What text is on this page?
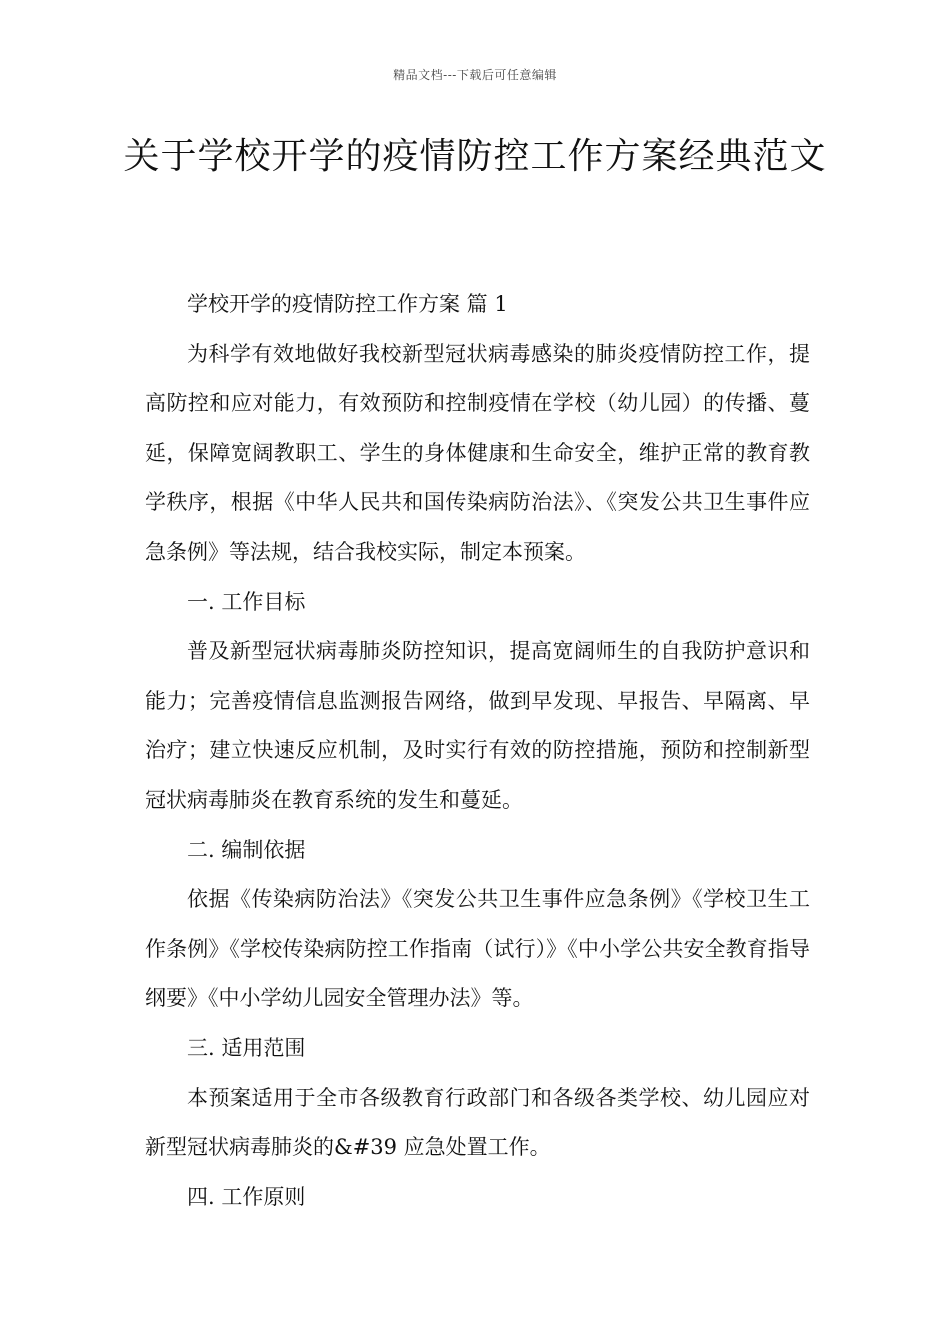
精品文档---下载后可任意编辑
关于学校开学的疫情防控工作方案经典范文

学校开学的疫情防控工作方案 篇 1

为科学有效地做好我校新型冠状病毒感染的肺炎疫情防控工作，提高防控和应对能力，有效预防和控制疫情在学校（幼儿园）的传播、蔓延，保障宽阔教职工、学生的身体健康和生命安全，维护正常的教育教学秩序，根据《中华人民共和国传染病防治法》、《突发公共卫生事件应急条例》等法规，结合我校实际，制定本预案。

一. 工作目标

普及新型冠状病毒肺炎防控知识，提高宽阔师生的自我防护意识和能力；完善疫情信息监测报告网络，做到早发现、早报告、早隔离、早治疗；建立快速反应机制，及时实行有效的防控措施，预防和控制新型冠状病毒肺炎在教育系统的发生和蔓延。

二. 编制依据

依据《传染病防治法》《突发公共卫生事件应急条例》《学校卫生工作条例》《学校传染病防控工作指南（试行）》《中小学公共安全教育指导纲要》《中小学幼儿园安全管理办法》等。

三. 适用范围

本预案适用于全市各级教育行政部门和各级各类学校、幼儿园应对新型冠状病毒肺炎的&#39 应急处置工作。

四. 工作原则
